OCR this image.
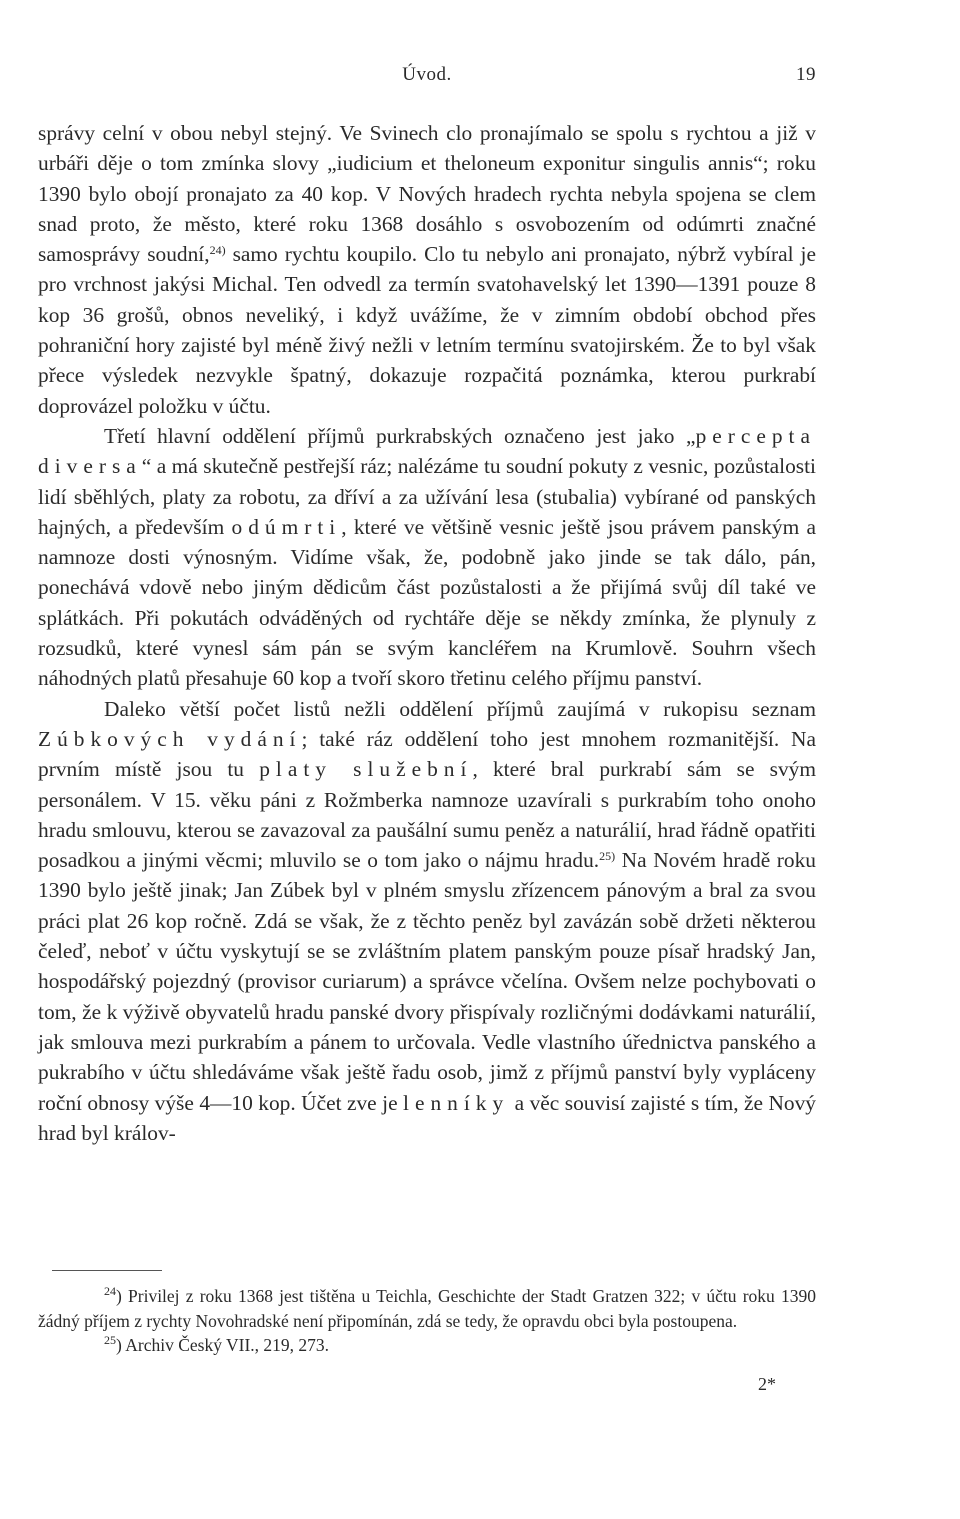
Úvod.	19

správy celní v obou nebyl stejný. Ve Svinech clo pronajímalo se spolu s rychtou a již v urbáři děje o tom zmínka slovy „iudicium et theloneum exponitur singulis annis“; roku 1390 bylo obojí pronajato za 40 kop. V Nových hradech rychta nebyla spojena se clem snad proto, že město, které roku 1368 dosáhlo s osvobozením od odúmrti značné samosprávy soudní,$^{24)}$ samo rychtu koupilo. Clo tu nebylo ani pronajato, nýbrž vybíral je pro vrchnost jakýsi Michal. Ten odvedl za termín svatohavelský let 1390—1391 pouze 8 kop 36 grošů, obnos neveliký, i když uvážíme, že v zimním období obchod přes pohraniční hory zajisté byl méně živý nežli v letním termínu svatojirském. Že to byl však přece výsledek nezvykle špatný, dokazuje rozpačitá poznámka, kterou purkrabí doprovázel položku v účtu.

Třetí hlavní oddělení příjmů purkrabských označeno jest jako „percepta diversa“ a má skutečně pestřejší ráz; nalézáme tu soudní pokuty z vesnic, pozůstalosti lidí sběhlých, platy za robotu, za dříví a za užívání lesa (stubalia) vybírané od panských hajných, a především odúmrti, které ve většině vesnic ještě jsou právem panským a namnoze dosti výnosným. Vidíme však, že, podobně jako jinde se tak dálo, pán, ponechává vdově nebo jiným dědicům část pozůstalosti a že přijímá svůj díl také ve splátkách. Při pokutách odváděných od rychtáře děje se někdy zmínka, že plynuly z rozsudků, které vynesl sám pán se svým kancléřem na Krumlově. Souhrn všech náhodných platů přesahuje 60 kop a tvoří skoro třetinu celého příjmu panství.

Daleko větší počet listů nežli oddělení příjmů zaujímá v rukopisu seznam Zúbkových vydání; také ráz oddělení toho jest mnohem rozmanitější. Na prvním místě jsou tu platy služební, které bral purkrabí sám se svým personálem. V 15. věku páni z Rožmberka namnoze uzavírali s purkrabím toho onoho hradu smlouvu, kterou se zavazoval za paušální sumu peněz a naturálií, hrad řádně opatřiti posadkou a jinými věcmi; mluvilo se o tom jako o nájmu hradu.$^{25)}$ Na Novém hradě roku 1390 bylo ještě jinak; Jan Zúbek byl v plném smyslu zřízencem pánovým a bral za svou práci plat 26 kop ročně. Zdá se však, že z těchto peněz byl zavázán sobě držeti některou čeleď, neboť v účtu vyskytují se se zvláštním platem panským pouze písař hradský Jan, hospodářský pojezdný (provisor curiarum) a správce včelína. Ovšem nelze pochybovati o tom, že k výživě obyvatelů hradu panské dvory přispívaly rozličnými dodávkami naturálií, jak smlouva mezi purkrabím a pánem to určovala. Vedle vlastního úřednictva panského a pukrabího v účtu shledáváme však ještě řadu osob, jimž z příjmů panství byly vypláceny roční obnosy výše 4—10 kop. Účet zve je lenníky a věc souvisí zajisté s tím, že Nový hrad byl králov-

$^{24}$) Privilej z roku 1368 jest tištěna u Teichla, Geschichte der Stadt Gratzen 322; v účtu roku 1390 žádný příjem z rychty Novohradské není připomínán, zdá se tedy, že opravdu obci byla postoupena.

$^{25}$) Archiv Český VII., 219, 273.

2*
